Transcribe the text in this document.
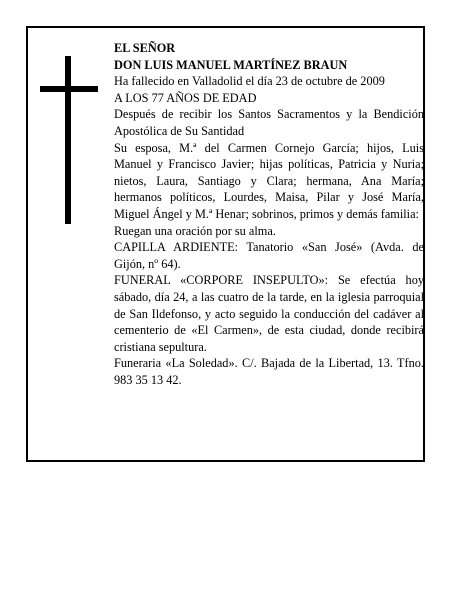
EL SEÑOR

DON LUIS MANUEL MARTÍNEZ BRAUN

Ha fallecido en Valladolid el día 23 de octubre de 2009

A LOS 77 AÑOS DE EDAD

Después de recibir los Santos Sacramentos y la Bendición Apostólica de Su Santidad

Su esposa, M.ª del Carmen Cornejo García; hijos, Luis Manuel y Francisco Javier; hijas políticas, Patricia y Nuria; nietos, Laura, Santiago y Clara; hermana, Ana María; hermanos políticos, Lourdes, Maisa, Pilar y José María, Miguel Ángel y M.ª Henar; sobrinos, primos y demás familia:

Ruegan una oración por su alma.

CAPILLA ARDIENTE: Tanatorio «San José» (Avda. de Gijón, nº 64).

FUNERAL «CORPORE INSEPULTO»: Se efectúa hoy sábado, día 24, a las cuatro de la tarde, en la iglesia parroquial de San Ildefonso, y acto seguido la conducción del cadáver al cementerio de «El Carmen», de esta ciudad, donde recibirá cristiana sepultura.

Funeraria «La Soledad». C/. Bajada de la Libertad, 13. Tfno. 983 35 13 42.
